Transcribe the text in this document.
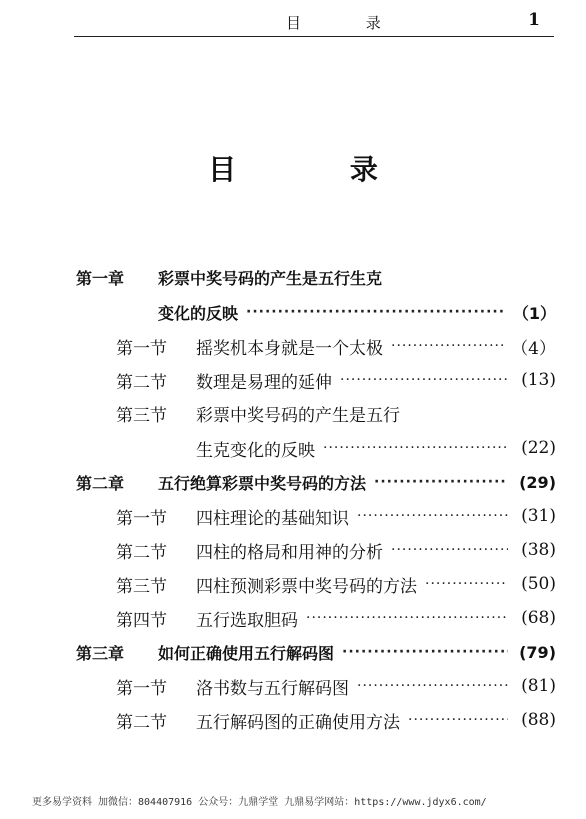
目 录	1
目 录
第一章	彩票中奖号码的产生是五行生克
变化的反映 ·····	（1）
第一节	摇奖机本身就是一个太极 ·····	（4）
第二节	数理是易理的延伸 ·····	(13)
第三节	彩票中奖号码的产生是五行
生克变化的反映 ·····	(22)
第二章	五行绝算彩票中奖号码的方法 ·····	(29)
第一节	四柱理论的基础知识 ·····	(31)
第二节	四柱的格局和用神的分析 ·····	(38)
第三节	四柱预测彩票中奖号码的方法 ·····	(50)
第四节	五行选取胆码 ·····	(68)
第三章	如何正确使用五行解码图 ·····	(79)
第一节	洛书数与五行解码图 ·····	(81)
第二节	五行解码图的正确使用方法 ·····	(88)
更多易学资料 加微信：804407916 公众号：九鼎学堂 九鼎易学网站：https://www.jdyx6.com/
